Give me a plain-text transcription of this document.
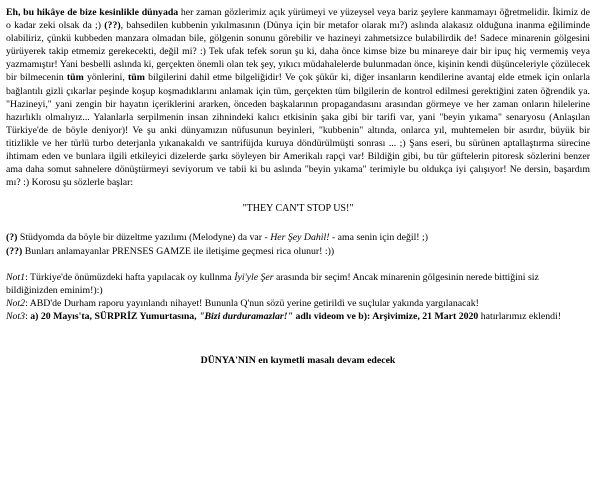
Eh, bu hikâye de bize kesinlikle dünyada her zaman gözlerimiz açık yürümeyi ve yüzeysel veya bariz şeylere kanmamayı öğretmelidir. İkimiz de o kadar zeki olsak da ;) (??), bahsedilen kubbenin yıkılmasının (Dünya için bir metafor olarak mı?) aslında alakasız olduğuna inanma eğiliminde olabiliriz, çünkü kubbeden manzara olmadan bile, gölgenin sonunu görebilir ve hazineyi zahmetsizce bulabilirdik de! Sadece minarenin gölgesini yürüyerek takip etmemiz gerekecekti, değil mi? :) Tek ufak tefek sorun şu ki, daha önce kimse bize bu minareye dair bir ipuç hiç vermemiş veya yazmamıştır! Yani besbelli aslında ki, gerçekten önemli olan tek şey, yıkıcı müdahalelerde bulunmadan önce, kişinin kendi düşünceleriyle çözülecek bir bilmecenin tüm yönlerini, tüm bilgilerini dahil etme bilgeliğidir! Ve çok şükür ki, diğer insanların kendilerine avantaj elde etmek için onlarla bağlantılı gizli çıkarlar peşinde koşup koşmadıklarını anlamak için tüm, gerçekten tüm bilgilerin de kontrol edilmesi gerektiğini zaten öğrendik ya. "Hazineyi," yani zengin bir hayatın içeriklerini ararken, önceden başkalarının propagandasını arasından görmeye ve her zaman onların hilelerine hazırlıklı olmalıyız... Yalanlarla serpilmenin insan zihnindeki kalıcı etkisinin şaka gibi bir tarifi var, yani "beyin yıkama" senaryosu (Anlaşılan Türkiye'de de böyle deniyor)! Ve şu anki dünyamızın nüfusunun beyinleri, "kubbenin" altında, onlarca yıl, muhtemelen bir asırdır, büyük bir titizlikle ve her türlü turbo deterjanla yıkanakaldı ve santrifüjda kuruya döndürülmüşti sonrası ... ;) Şans eseri, bu sürünen aptallaştırma sürecine ihtimam eden ve bunlara ilgili etkileyici dizelerde şarkı söyleyen bir Amerikalı rapçi var! Bildiğin gibi, bu tür güftelerin pitoresk sözlerini benzer ama daha somut sahnelere dönüştürmeyi seviyorum ve tabii ki bu aslında "beyin yıkama" terimiyle bu oldukça iyi çalışıyor! Ne dersin, başardım mı? :) Korosu şu sözlerle başlar:

"THEY CAN'T STOP US!"

(?) Stüdyomda da böyle bir düzeltme yazılımı (Melodyne) da var - Her Şey Dahil! - ama senin için değil! ;)

(??) Bunları anlamayanlar PRENSES GAMZE ile iletişime geçmesi rica olunur! :))

Not1: Türkiye'de önümüzdeki hafta yapılacak oy kullnma İyi'yle Şer arasında bir seçim! Ancak minarenin gölgesinin nerede bittiğini siz bildiğinizden eminim!):)

Not2: ABD'de Durham raporu yayınlandı nihayet! Bununla Q'nun sözü yerine getirildi ve suçlular yakında yargılanacak!

Not3: a) 20 Mayıs'ta, SÜRPRİZ Yumurtasına, "Bizi durduramazlar!" adlı videom ve b): Arşivimize, 21 Mart 2020 hatırlarımız eklendi!

DÜNYA'NIN en kıymetli masalı devam edecek
